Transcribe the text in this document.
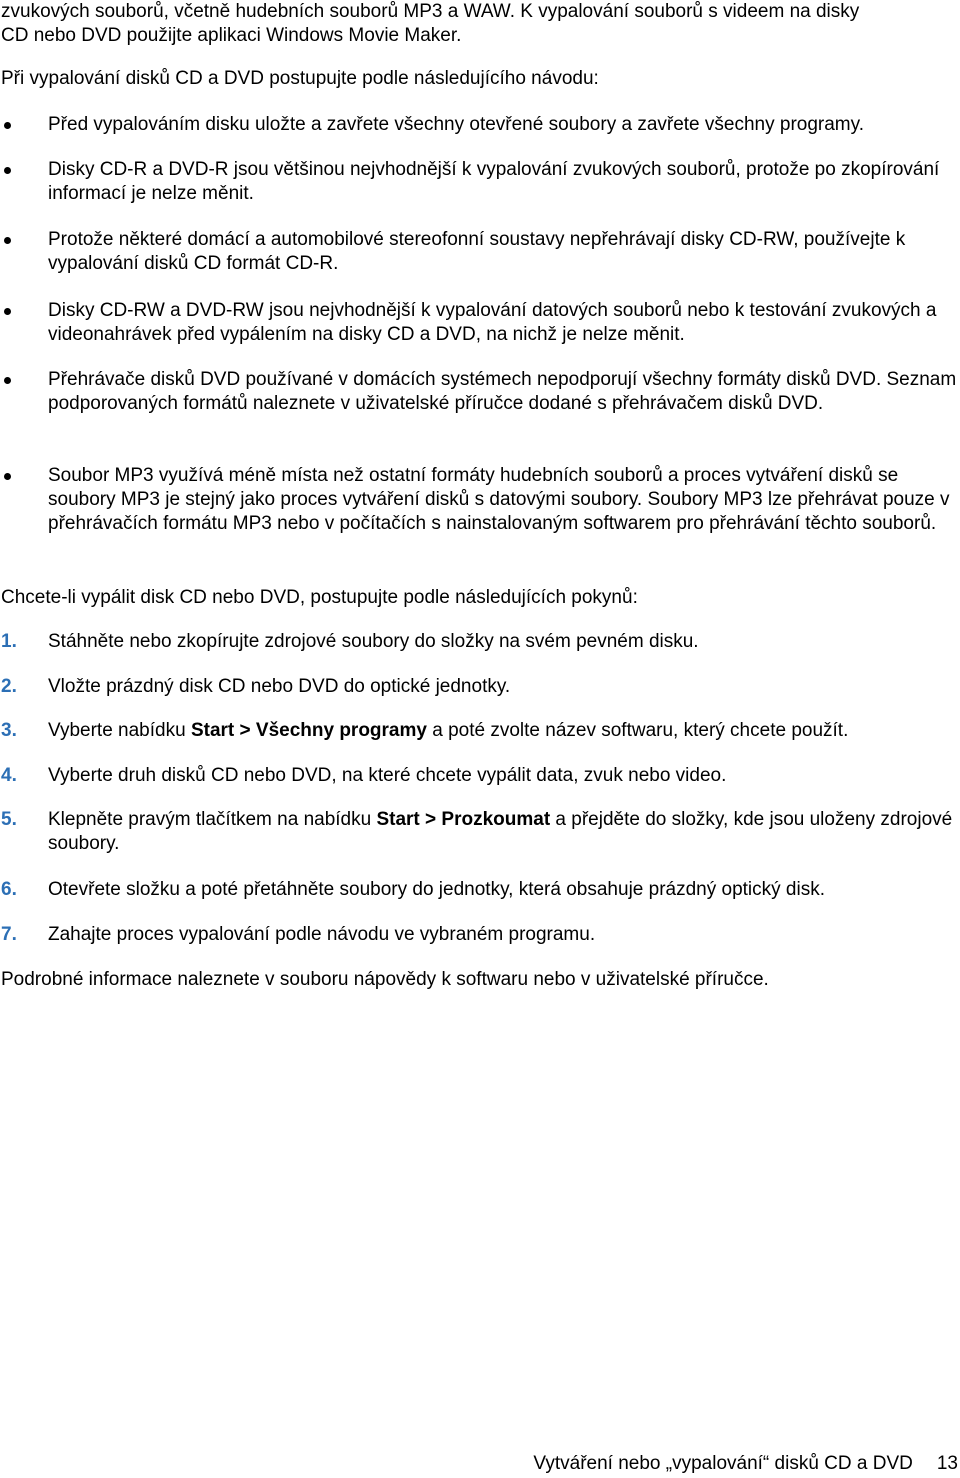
zvukových souborů, včetně hudebních souborů MP3 a WAW. K vypalování souborů s videem na disky

CD nebo DVD použijte aplikaci Windows Movie Maker.

Při vypalování disků CD a DVD postupujte podle následujícího návodu:

Před vypalováním disku uložte a zavřete všechny otevřené soubory a zavřete všechny programy.
Disky CD-R a DVD-R jsou většinou nejvhodnější k vypalování zvukových souborů, protože po zkopírování informací je nelze měnit.
Protože některé domácí a automobilové stereofonní soustavy nepřehrávají disky CD-RW, používejte k vypalování disků CD formát CD-R.
Disky CD-RW a DVD-RW jsou nejvhodnější k vypalování datových souborů nebo k testování zvukových a videonahrávek před vypálením na disky CD a DVD, na nichž je nelze měnit.
Přehrávače disků DVD používané v domácích systémech nepodporují všechny formáty disků DVD. Seznam podporovaných formátů naleznete v uživatelské příručce dodané s přehrávačem disků DVD.
Soubor MP3 využívá méně místa než ostatní formáty hudebních souborů a proces vytváření disků se soubory MP3 je stejný jako proces vytváření disků s datovými soubory. Soubory MP3 lze přehrávat pouze v přehrávačích formátu MP3 nebo v počítačích s nainstalovaným softwarem pro přehrávání těchto souborů.

Chcete-li vypálit disk CD nebo DVD, postupujte podle následujících pokynů:

1. Stáhněte nebo zkopírujte zdrojové soubory do složky na svém pevném disku.
2. Vložte prázdný disk CD nebo DVD do optické jednotky.
3. Vyberte nabídku Start > Všechny programy a poté zvolte název softwaru, který chcete použít.
4. Vyberte druh disků CD nebo DVD, na které chcete vypálit data, zvuk nebo video.
5. Klepněte pravým tlačítkem na nabídku Start > Prozkoumat a přejděte do složky, kde jsou uloženy zdrojové soubory.
6. Otevřete složku a poté přetáhněte soubory do jednotky, která obsahuje prázdný optický disk.
7. Zahajte proces vypalování podle návodu ve vybraném programu.

Podrobné informace naleznete v souboru nápovědy k softwaru nebo v uživatelské příručce.

Vytváření nebo „vypalování“ disků CD a DVD 13
